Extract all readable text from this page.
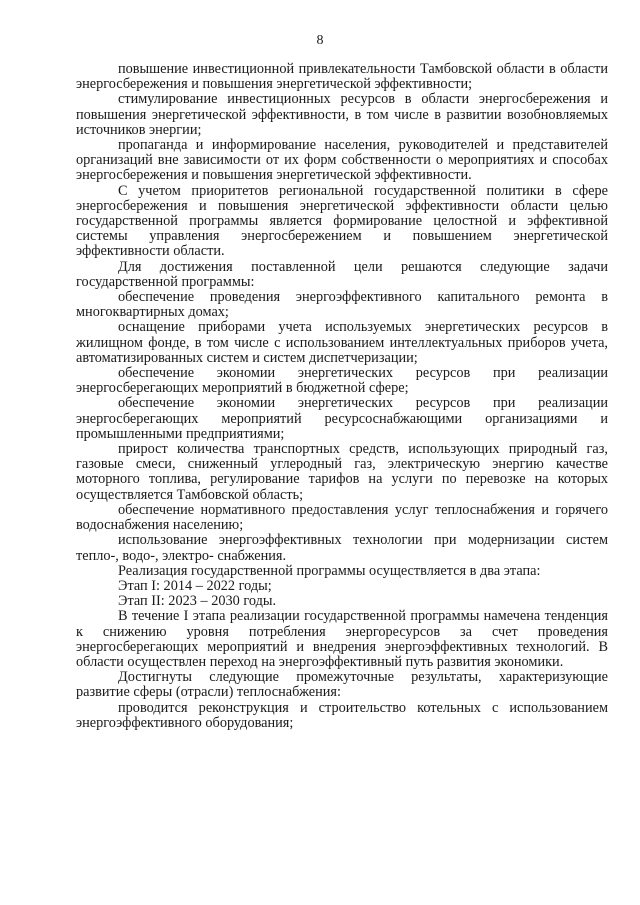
8

повышение инвестиционной привлекательности Тамбовской области в области энергосбережения и повышения энергетической эффективности;

стимулирование инвестиционных ресурсов в области энергосбережения и повышения энергетической эффективности, в том числе в развитии возобновляемых источников энергии;

пропаганда и информирование населения, руководителей и представителей организаций вне зависимости от их форм собственности о мероприятиях и способах энергосбережения и повышения энергетической эффективности.

С учетом приоритетов региональной государственной политики в сфере энергосбережения и повышения энергетической эффективности области целью государственной программы является формирование целостной и эффективной системы управления энергосбережением и повышением энергетической эффективности области.

Для достижения поставленной цели решаются следующие задачи государственной программы:

обеспечение проведения энергоэффективного капитального ремонта в многоквартирных домах;

оснащение приборами учета используемых энергетических ресурсов в жилищном фонде, в том числе с использованием интеллектуальных приборов учета, автоматизированных систем и систем диспетчеризации;

обеспечение экономии энергетических ресурсов при реализации энергосберегающих мероприятий в бюджетной сфере;

обеспечение экономии энергетических ресурсов при реализации энергосберегающих мероприятий ресурсоснабжающими организациями и промышленными предприятиями;

прирост количества транспортных средств, использующих природный газ, газовые смеси, сниженный углеродный газ, электрическую энергию качестве моторного топлива, регулирование тарифов на услуги по перевозке на которых осуществляется Тамбовской область;

обеспечение нормативного предоставления услуг теплоснабжения и горячего водоснабжения населению;

использование энергоэффективных технологии при модернизации систем тепло-, водо-, электро- снабжения.

Реализация государственной программы осуществляется в два этапа:

Этап I: 2014 – 2022 годы;

Этап II: 2023 – 2030 годы.

В течение I этапа реализации государственной программы намечена тенденция к снижению уровня потребления энергоресурсов за счет проведения энергосберегающих мероприятий и внедрения энергоэффективных технологий. В области осуществлен переход на энергоэффективный путь развития экономики.

Достигнуты следующие промежуточные результаты, характеризующие развитие сферы (отрасли) теплоснабжения:

проводится реконструкция и строительство котельных с использованием энергоэффективного оборудования;
